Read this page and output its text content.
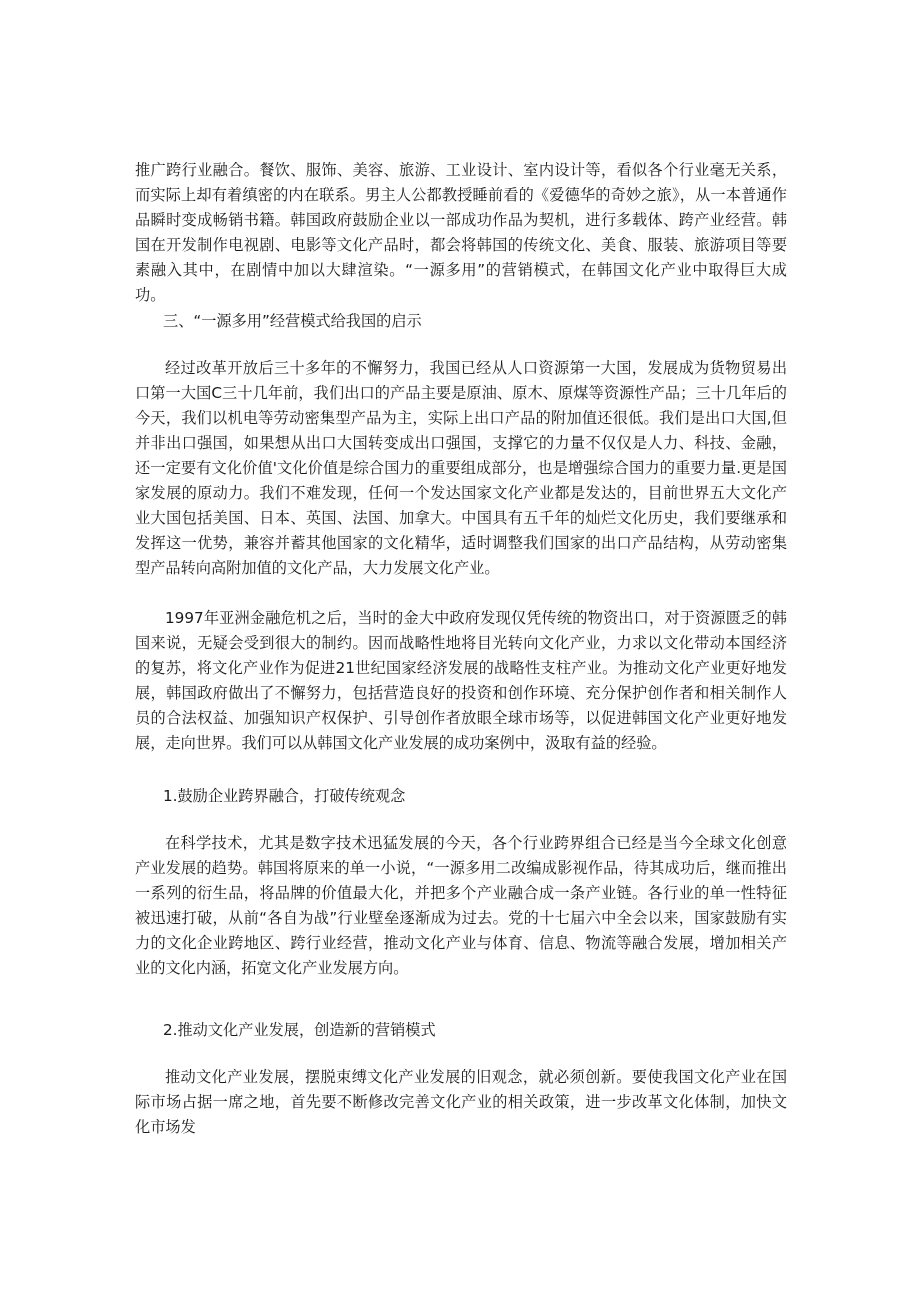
推广跨行业融合。餐饮、服饰、美容、旅游、工业设计、室内设计等，看似各个行业毫无关系，而实际上却有着缜密的内在联系。男主人公都教授睡前看的《爱德华的奇妙之旅》，从一本普通作品瞬时变成畅销书籍。韩国政府鼓励企业以一部成功作品为契机，进行多载体、跨产业经营。韩国在开发制作电视剧、电影等文化产品时，都会将韩国的传统文化、美食、服装、旅游项目等要素融入其中，在剧情中加以大肆渲染。“一源多用”的营销模式，在韩国文化产业中取得巨大成功。

三、“一源多用”经营模式给我国的启示

经过改革开放后三十多年的不懈努力，我国已经从人口资源第一大国，发展成为货物贸易出口第一大国C三十几年前，我们出口的产品主要是原油、原木、原煤等资源性产品；三十几年后的今天，我们以机电等劳动密集型产品为主，实际上出口产品的附加值还很低。我们是出口大国,但并非出口强国，如果想从出口大国转变成出口强国，支撑它的力量不仅仅是人力、科技、金融，还一定要有文化价值'文化价值是综合国力的重要组成部分，也是增强综合国力的重要力量.更是国家发展的原动力。我们不难发现，任何一个发达国家文化产业都是发达的，目前世界五大文化产业大国包括美国、日本、英国、法国、加拿大。中国具有五千年的灿烂文化历史，我们要继承和发挥这一优势，兼容并蓄其他国家的文化精华，适时调整我们国家的出口产品结构，从劳动密集型产品转向高附加值的文化产品，大力发展文化产业。

1997年亚洲金融危机之后，当时的金大中政府发现仅凭传统的物资出口，对于资源匮乏的韩国来说，无疑会受到很大的制约。因而战略性地将目光转向文化产业，力求以文化带动本国经济的复苏，将文化产业作为促进21世纪国家经济发展的战略性支柱产业。为推动文化产业更好地发展，韩国政府做出了不懈努力，包括营造良好的投资和创作环境、充分保护创作者和相关制作人员的合法权益、加强知识产权保护、引导创作者放眼全球市场等，以促进韩国文化产业更好地发展，走向世界。我们可以从韩国文化产业发展的成功案例中，汲取有益的经验。

1.鼓励企业跨界融合，打破传统观念

在科学技术，尤其是数字技术迅猛发展的今天，各个行业跨界组合已经是当今全球文化创意产业发展的趋势。韩国将原来的单一小说，“一源多用二改编成影视作品，待其成功后，继而推出一系列的衍生品，将品牌的价值最大化，并把多个产业融合成一条产业链。各行业的单一性特征被迅速打破，从前“各自为战”行业壁垒逐渐成为过去。党的十七届六中全会以来，国家鼓励有实力的文化企业跨地区、跨行业经营，推动文化产业与体育、信息、物流等融合发展，增加相关产业的文化内涵，拓宽文化产业发展方向。

2.推动文化产业发展，创造新的营销模式

推动文化产业发展，摆脱束缚文化产业发展的旧观念，就必须创新。要使我国文化产业在国际市场占据一席之地，首先要不断修改完善文化产业的相关政策，进一步改革文化体制，加快文化市场发
